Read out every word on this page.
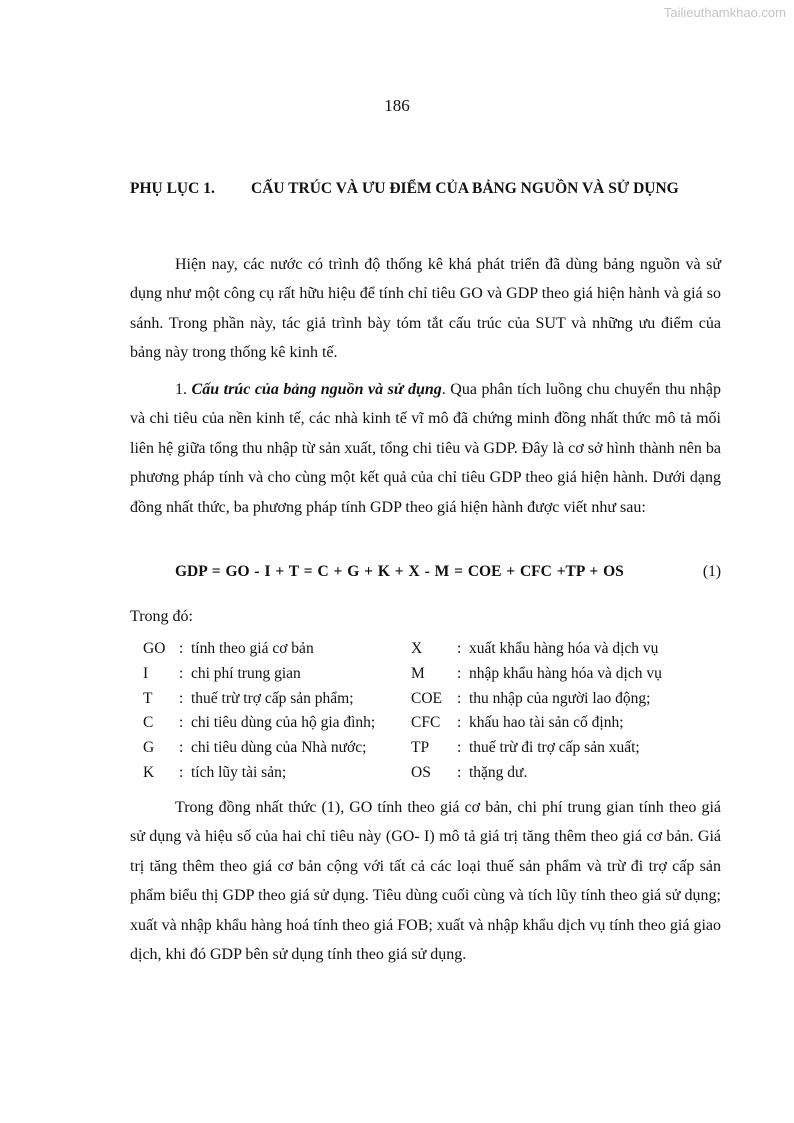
Tailieuthamkhao.com
186
PHỤ LỤC 1. CẤU TRÚC VÀ ƯU ĐIỂM CỦA BẢNG NGUỒN VÀ SỬ DỤNG

Hiện nay, các nước có trình độ thống kê khá phát triển đã dùng bảng nguồn và sử dụng như một công cụ rất hữu hiệu để tính chỉ tiêu GO và GDP theo giá hiện hành và giá so sánh. Trong phần này, tác giả trình bày tóm tắt cấu trúc của SUT và những ưu điểm của bảng này trong thống kê kinh tế.

1. Cấu trúc của bảng nguồn và sử dụng. Qua phân tích luồng chu chuyển thu nhập và chi tiêu của nền kinh tế, các nhà kinh tế vĩ mô đã chứng minh đồng nhất thức mô tả mối liên hệ giữa tổng thu nhập từ sản xuất, tổng chi tiêu và GDP. Đây là cơ sở hình thành nên ba phương pháp tính và cho cùng một kết quả của chỉ tiêu GDP theo giá hiện hành. Dưới dạng đồng nhất thức, ba phương pháp tính GDP theo giá hiện hành được viết như sau:

GDP = GO - I + T = C + G + K + X - M = COE + CFC +TP + OS	(1)
Trong đó:
GO : tính theo giá cơ bản	X : xuất khẩu hàng hóa và dịch vụ
I : chi phí trung gian	M : nhập khẩu hàng hóa và dịch vụ
T : thuế trừ trợ cấp sản phẩm;	COE : thu nhập của người lao động;
C : chi tiêu dùng của hộ gia đình; CFC : khấu hao tài sản cố định;
G : chi tiêu dùng của Nhà nước;	TP : thuế trừ đi trợ cấp sản xuất;
K : tích lũy tài sản;	OS : thặng dư.

Trong đồng nhất thức (1), GO tính theo giá cơ bản, chi phí trung gian tính theo giá sử dụng và hiệu số của hai chỉ tiêu này (GO- I) mô tả giá trị tăng thêm theo giá cơ bản. Giá trị tăng thêm theo giá cơ bản cộng với tất cả các loại thuế sản phẩm và trừ đi trợ cấp sản phẩm biểu thị GDP theo giá sử dụng. Tiêu dùng cuối cùng và tích lũy tính theo giá sử dụng; xuất và nhập khẩu hàng hoá tính theo giá FOB; xuất và nhập khẩu dịch vụ tính theo giá giao dịch, khi đó GDP bên sử dụng tính theo giá sử dụng.
